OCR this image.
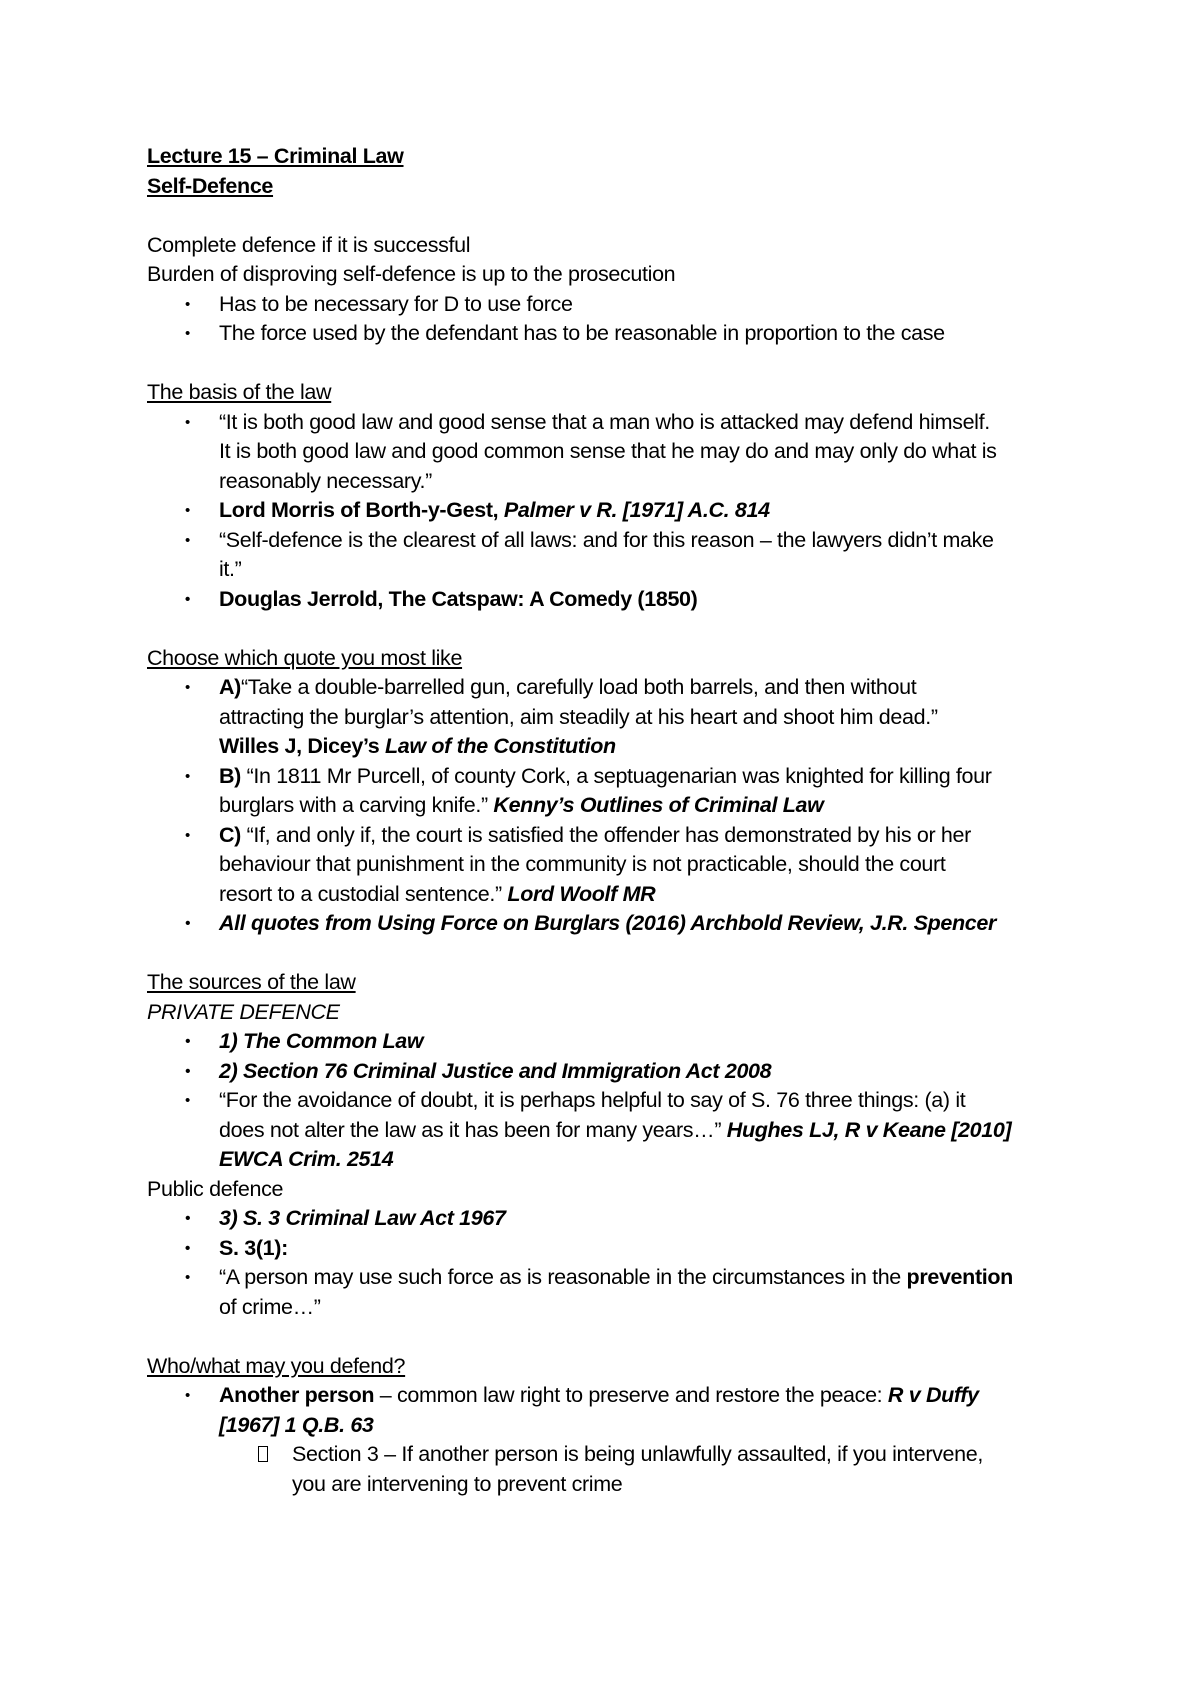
Lecture 15 – Criminal Law

Self-Defence

Complete defence if it is successful

Burden of disproving self-defence is up to the prosecution

• Has to be necessary for D to use force
• The force used by the defendant has to be reasonable in proportion to the case

The basis of the law

• “It is both good law and good sense that a man who is attacked may defend himself.
It is both good law and good common sense that he may do and may only do what is
reasonably necessary.”
• Lord Morris of Borth-y-Gest, Palmer v R. [1971] A.C. 814
• “Self-defence is the clearest of all laws: and for this reason – the lawyers didn’t make
it.”
• Douglas Jerrold, The Catspaw: A Comedy (1850)

Choose which quote you most like

• A)“Take a double-barrelled gun, carefully load both barrels, and then without
attracting the burglar’s attention, aim steadily at his heart and shoot him dead.”
Willes J, Dicey’s Law of the Constitution
• B) “In 1811 Mr Purcell, of county Cork, a septuagenarian was knighted for killing four
burglars with a carving knife.” Kenny’s Outlines of Criminal Law
• C) “If, and only if, the court is satisfied the offender has demonstrated by his or her
behaviour that punishment in the community is not practicable, should the court
resort to a custodial sentence.” Lord Woolf MR
• All quotes from Using Force on Burglars (2016) Archbold Review, J.R. Spencer

The sources of the law

PRIVATE DEFENCE

• 1) The Common Law
• 2) Section 76 Criminal Justice and Immigration Act 2008
• “For the avoidance of doubt, it is perhaps helpful to say of S. 76 three things: (a) it
does not alter the law as it has been for many years…” Hughes LJ, R v Keane [2010]
EWCA Crim. 2514

Public defence

• 3) S. 3 Criminal Law Act 1967
• S. 3(1):
• “A person may use such force as is reasonable in the circumstances in the prevention
of crime…”

Who/what may you defend?

• Another person – common law right to preserve and restore the peace: R v Duffy
[1967] 1 Q.B. 63
Section 3 – If another person is being unlawfully assaulted, if you intervene,
you are intervening to prevent crime
